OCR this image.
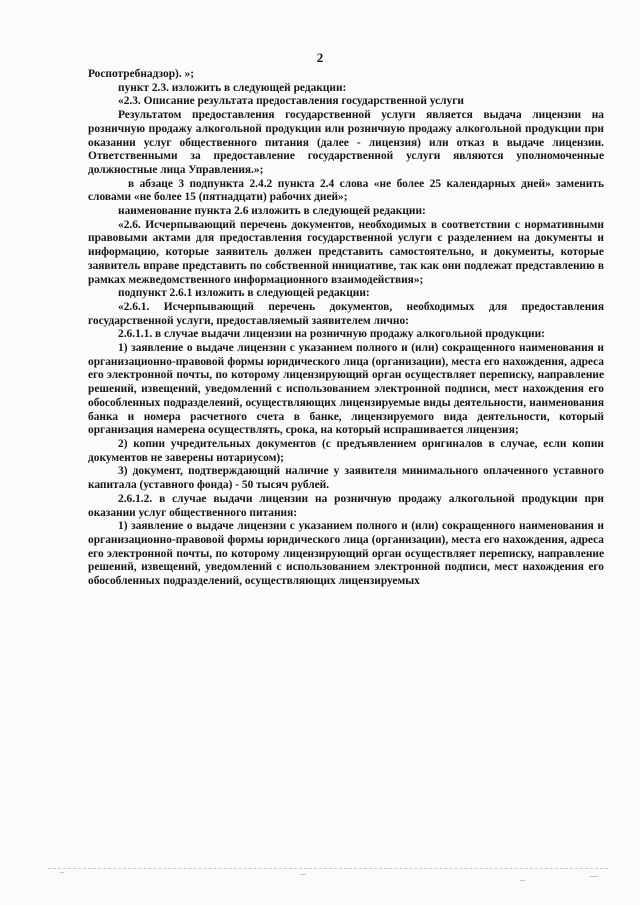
2

Роспотребнадзор). »;

пункт 2.3. изложить в следующей редакции:

«2.3. Описание результата предоставления государственной услуги

Результатом предоставления государственной услуги является выдача лицензии на розничную продажу алкогольной продукции или розничную продажу алкогольной продукции при оказании услуг общественного питания (далее - лицензия) или отказ в выдаче лицензии. Ответственными за предоставление государственной услуги являются уполномоченные должностные лица Управления.»;

в абзаце 3 подпункта 2.4.2 пункта 2.4 слова «не более 25 календарных дней» заменить словами «не более 15 (пятнадцати) рабочих дней»;

наименование пункта 2.6 изложить в следующей редакции:

«2.6. Исчерпывающий перечень документов, необходимых в соответствии с нормативными правовыми актами для предоставления государственной услуги с разделением на документы и информацию, которые заявитель должен представить самостоятельно, и документы, которые заявитель вправе представить по собственной инициативе, так как они подлежат представлению в рамках межведомственного информационного взаимодействия»;

подпункт 2.6.1 изложить в следующей редакции:

«2.6.1. Исчерпывающий перечень документов, необходимых для предоставления государственной услуги, предоставляемый заявителем лично:

2.6.1.1. в случае выдачи лицензии на розничную продажу алкогольной продукции:

1) заявление о выдаче лицензии с указанием полного и (или) сокращенного наименования и организационно-правовой формы юридического лица (организации), места его нахождения, адреса его электронной почты, по которому лицензирующий орган осуществляет переписку, направление решений, извещений, уведомлений с использованием электронной подписи, мест нахождения его обособленных подразделений, осуществляющих лицензируемые виды деятельности, наименования банка и номера расчетного счета в банке, лицензируемого вида деятельности, который организация намерена осуществлять, срока, на который испрашивается лицензия;

2) копии учредительных документов (с предъявлением оригиналов в случае, если копии документов не заверены нотариусом);

3) документ, подтверждающий наличие у заявителя минимального оплаченного уставного капитала (уставного фонда) - 50 тысяч рублей.

2.6.1.2. в случае выдачи лицензии на розничную продажу алкогольной продукции при оказании услуг общественного питания:

1) заявление о выдаче лицензии с указанием полного и (или) сокращенного наименования и организационно-правовой формы юридического лица (организации), места его нахождения, адреса его электронной почты, по которому лицензирующий орган осуществляет переписку, направление решений, извещений, уведомлений с использованием электронной подписи, мест нахождения его обособленных подразделений, осуществляющих лицензируемых
